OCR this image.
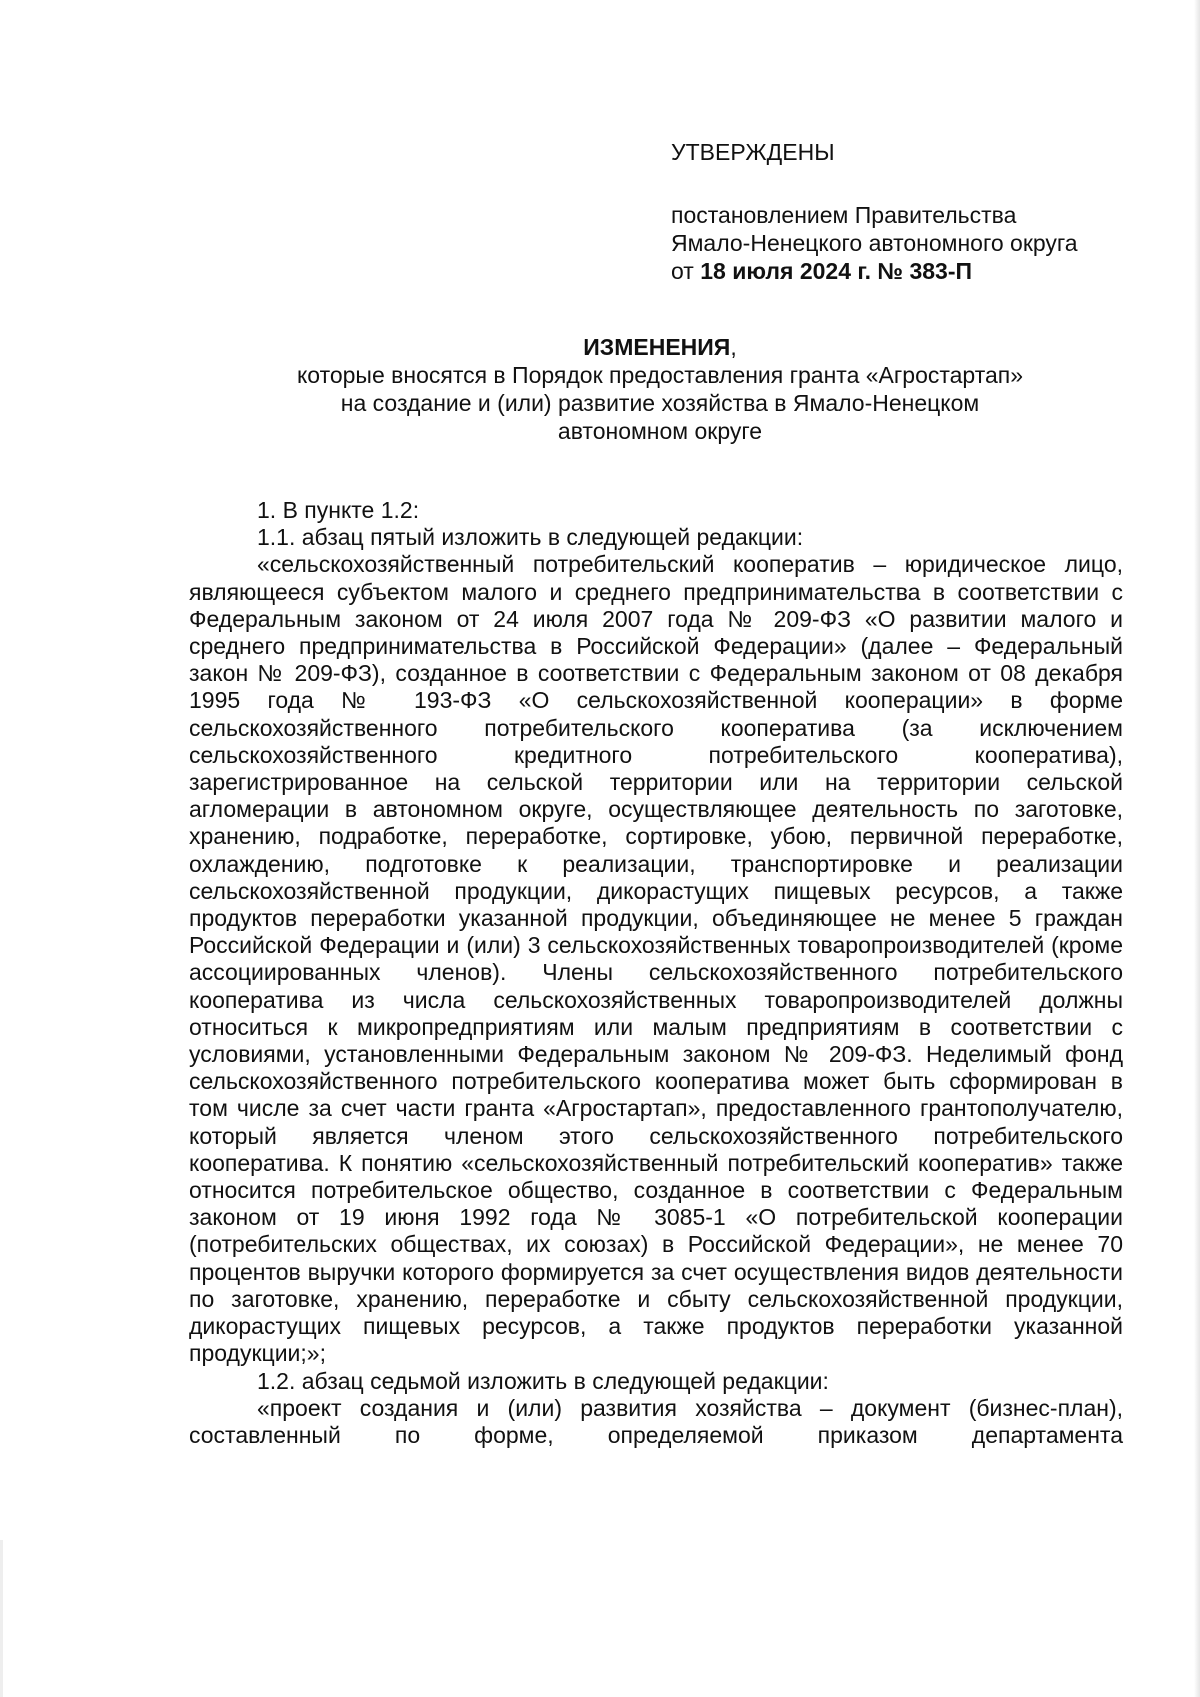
УТВЕРЖДЕНЫ
постановлением Правительства
Ямало-Ненецкого автономного округа
от 18 июля 2024 г. № 383-П
ИЗМЕНЕНИЯ,
которые вносятся в Порядок предоставления гранта «Агростартап»
на создание и (или) развитие хозяйства в Ямало-Ненецком
автономном округе

1. В пункте 1.2:

1.1. абзац пятый изложить в следующей редакции:

«сельскохозяйственный потребительский кооператив – юридическое лицо, являющееся субъектом малого и среднего предпринимательства в соответствии с Федеральным законом от 24 июля 2007 года № 209-ФЗ «О развитии малого и среднего предпринимательства в Российской Федерации» (далее – Федеральный закон № 209-ФЗ), созданное в соответствии с Федеральным законом от 08 декабря 1995 года № 193-ФЗ «О сельскохозяйственной кооперации» в форме сельскохозяйственного потребительского кооператива (за исключением сельскохозяйственного кредитного потребительского кооператива), зарегистрированное на сельской территории или на территории сельской агломерации в автономном округе, осуществляющее деятельность по заготовке, хранению, подработке, переработке, сортировке, убою, первичной переработке, охлаждению, подготовке к реализации, транспортировке и реализации сельскохозяйственной продукции, дикорастущих пищевых ресурсов, а также продуктов переработки указанной продукции, объединяющее не менее 5 граждан Российской Федерации и (или) 3 сельскохозяйственных товаропроизводителей (кроме ассоциированных членов). Члены сельскохозяйственного потребительского кооператива из числа сельскохозяйственных товаропроизводителей должны относиться к микропредприятиям или малым предприятиям в соответствии с условиями, установленными Федеральным законом № 209-ФЗ. Неделимый фонд сельскохозяйственного потребительского кооператива может быть сформирован в том числе за счет части гранта «Агростартап», предоставленного грантополучателю, который является членом этого сельскохозяйственного потребительского кооператива. К понятию «сельскохозяйственный потребительский кооператив» также относится потребительское общество, созданное в соответствии с Федеральным законом от 19 июня 1992 года № 3085-1 «О потребительской кооперации (потребительских обществах, их союзах) в Российской Федерации», не менее 70 процентов выручки которого формируется за счет осуществления видов деятельности по заготовке, хранению, переработке и сбыту сельскохозяйственной продукции, дикорастущих пищевых ресурсов, а также продуктов переработки указанной продукции;»;

1.2. абзац седьмой изложить в следующей редакции:

«проект создания и (или) развития хозяйства – документ (бизнес-план), составленный по форме, определяемой приказом департамента
